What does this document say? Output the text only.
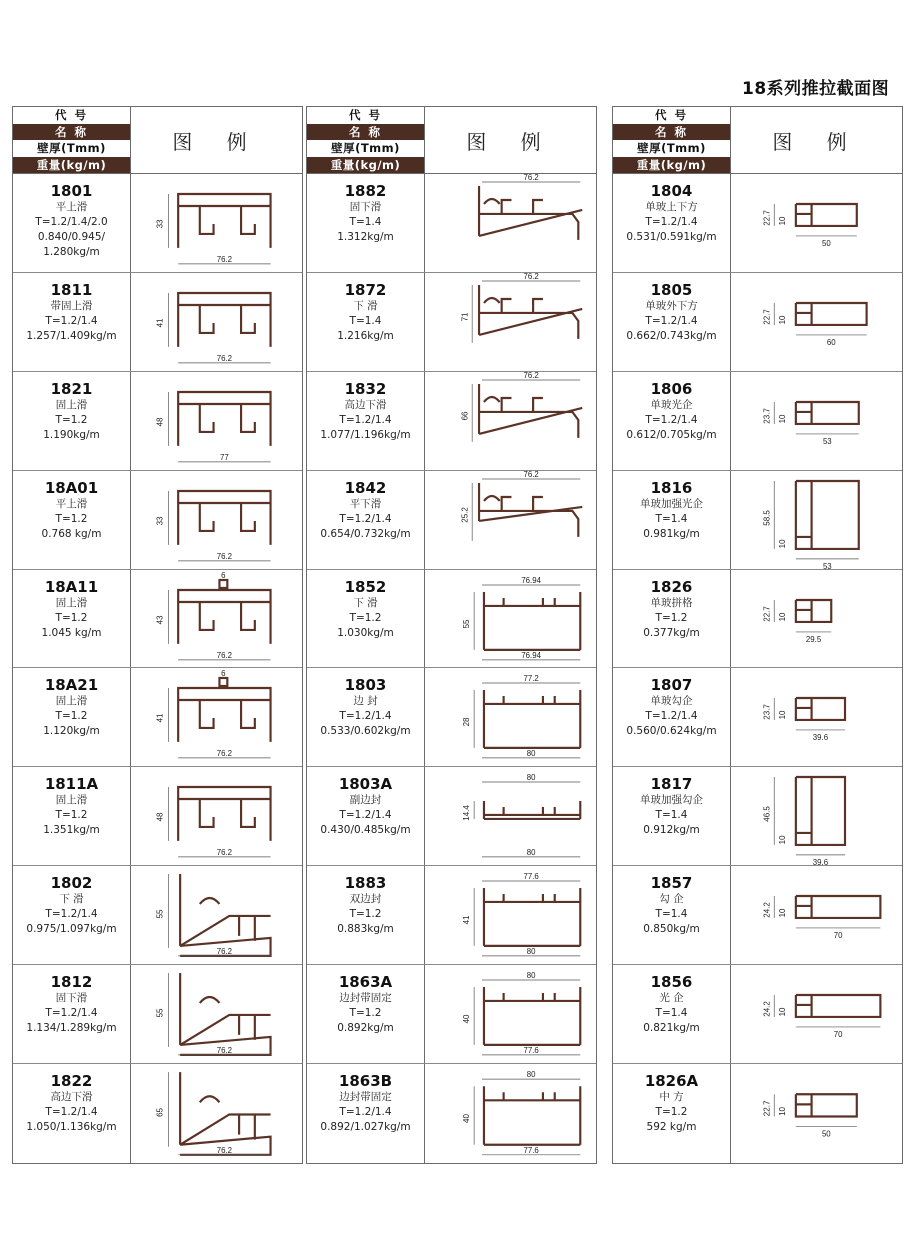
18系列推拉截面图
代 号
名 称
壁厚(Tmm)
重量(kg/m)
图 例
1801
平上滑
T=1.2/1.4/2.0
0.840/0.945/
1.280kg/m
33
76.2
1811
带固上滑
T=1.2/1.4
1.257/1.409kg/m
41
76.2
1821
固上滑
T=1.2
1.190kg/m
48
77
18A01
平上滑
T=1.2
0.768 kg/m
33
76.2
18A11
固上滑
T=1.2
1.045 kg/m
43
76.2
6
18A21
固上滑
T=1.2
1.120kg/m
41
76.2
6
1811A
固上滑
T=1.2
1.351kg/m
48
76.2
1802
下 滑
T=1.2/1.4
0.975/1.097kg/m
55
76.2
1812
固下滑
T=1.2/1.4
1.134/1.289kg/m
55
76.2
1822
高边下滑
T=1.2/1.4
1.050/1.136kg/m
65
76.2
代 号
名 称
壁厚(Tmm)
重量(kg/m)
图 例
1882
固下滑
T=1.4
1.312kg/m
76.2
1872
下 滑
T=1.4
1.216kg/m
76.2
71
1832
高边下滑
T=1.2/1.4
1.077/1.196kg/m
76.2
66
1842
平下滑
T=1.2/1.4
0.654/0.732kg/m
76.2
25.2
1852
下 滑
T=1.2
1.030kg/m
55
76.94
76.94
1803
边 封
T=1.2/1.4
0.533/0.602kg/m
28
77.2
80
1803A
副边封
T=1.2/1.4
0.430/0.485kg/m
14.4
80
80
1883
双边封
T=1.2
0.883kg/m
41
77.6
80
1863A
边封带固定
T=1.2
0.892kg/m
40
80
77.6
1863B
边封带固定
T=1.2/1.4
0.892/1.027kg/m
40
80
77.6
代 号
名 称
壁厚(Tmm)
重量(kg/m)
图 例
1804
单玻上下方
T=1.2/1.4
0.531/0.591kg/m
22.7 10
50
1805
单玻外下方
T=1.2/1.4
0.662/0.743kg/m
22.7 10
60
1806
单玻光企
T=1.2/1.4
0.612/0.705kg/m
23.7 10
53
1816
单玻加强光企
T=1.4
0.981kg/m
58.5
10
53
1826
单玻拼格
T=1.2
0.377kg/m
22.7 10
29.5
1807
单玻勾企
T=1.2/1.4
0.560/0.624kg/m
23.7 10
39.6
1817
单玻加强勾企
T=1.4
0.912kg/m
46.5
10
39.6
1857
勾 企
T=1.4
0.850kg/m
24.2 10
70
1856
光 企
T=1.4
0.821kg/m
24.2 10
70
1826A
中 方
T=1.2
592 kg/m
22.7 10
50
